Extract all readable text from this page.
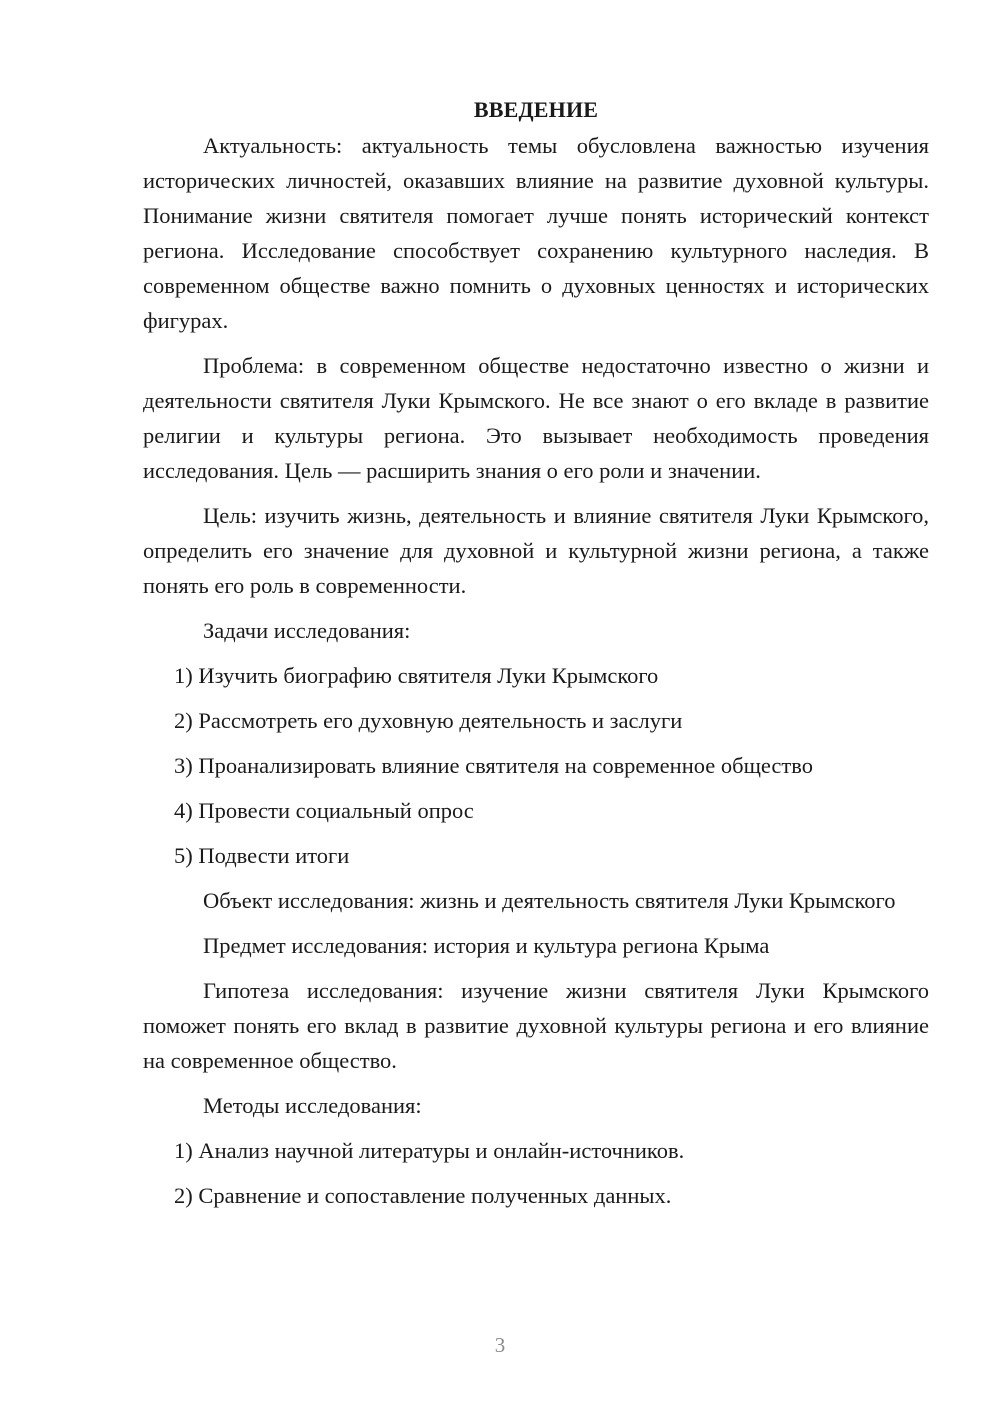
ВВЕДЕНИЕ

Актуальность: актуальность темы обусловлена важностью изучения исторических личностей, оказавших влияние на развитие духовной культуры. Понимание жизни святителя помогает лучше понять исторический контекст региона. Исследование способствует сохранению культурного наследия. В современном обществе важно помнить о духовных ценностях и исторических фигурах.

Проблема: в современном обществе недостаточно известно о жизни и деятельности святителя Луки Крымского. Не все знают о его вкладе в развитие религии и культуры региона. Это вызывает необходимость проведения исследования. Цель — расширить знания о его роли и значении.

Цель: изучить жизнь, деятельность и влияние святителя Луки Крымского, определить его значение для духовной и культурной жизни региона, а также понять его роль в современности.

Задачи исследования:

1) Изучить биографию святителя Луки Крымского
2) Рассмотреть его духовную деятельность и заслуги
3) Проанализировать влияние святителя на современное общество
4) Провести социальный опрос
5) Подвести итоги

Объект исследования: жизнь и деятельность святителя Луки Крымского

Предмет исследования: история и культура региона Крыма

Гипотеза исследования: изучение жизни святителя Луки Крымского поможет понять его вклад в развитие духовной культуры региона и его влияние на современное общество.

Методы исследования:

1) Анализ научной литературы и онлайн-источников.
2) Сравнение и сопоставление полученных данных.
3
